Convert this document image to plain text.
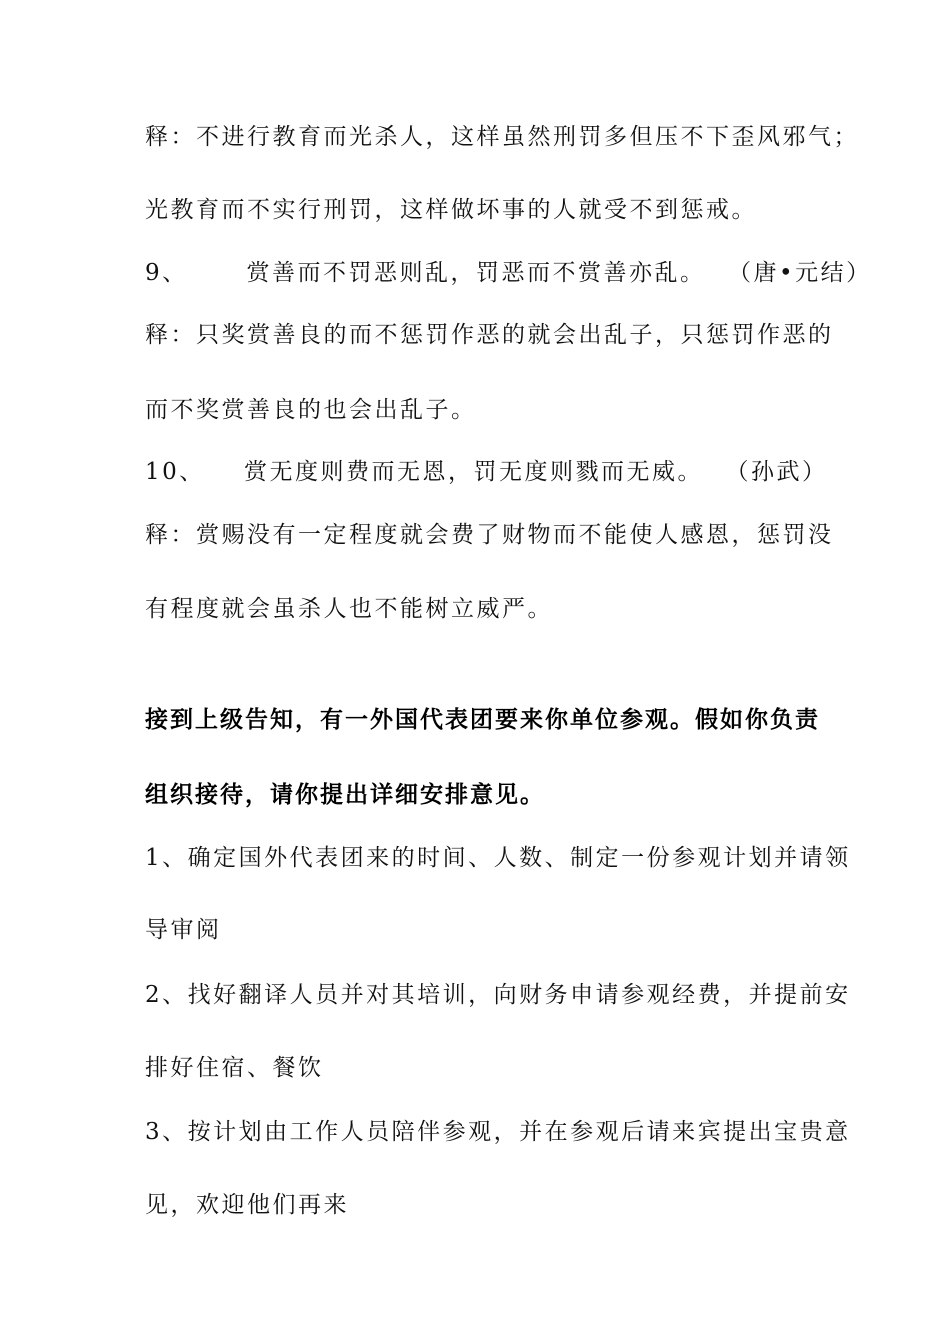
释：不进行教育而光杀人，这样虽然刑罚多但压不下歪风邪气；
光教育而不实行刑罚，这样做坏事的人就受不到惩戒。
9、      赏善而不罚恶则乱，罚恶而不赏善亦乱。 （唐•元结）
释：只奖赏善良的而不惩罚作恶的就会出乱子，只惩罚作恶的
而不奖赏善良的也会出乱子。
10、    赏无度则费而无恩，罚无度则戮而无威。 （孙武）
释：赏赐没有一定程度就会费了财物而不能使人感恩，惩罚没
有程度就会虽杀人也不能树立威严。
接到上级告知，有一外国代表团要来你单位参观。假如你负责
组织接待，请你提出详细安排意见。
1、确定国外代表团来的时间、人数、制定一份参观计划并请领
导审阅
2、找好翻译人员并对其培训，向财务申请参观经费，并提前安
排好住宿、餐饮
3、按计划由工作人员陪伴参观，并在参观后请来宾提出宝贵意
见，欢迎他们再来
